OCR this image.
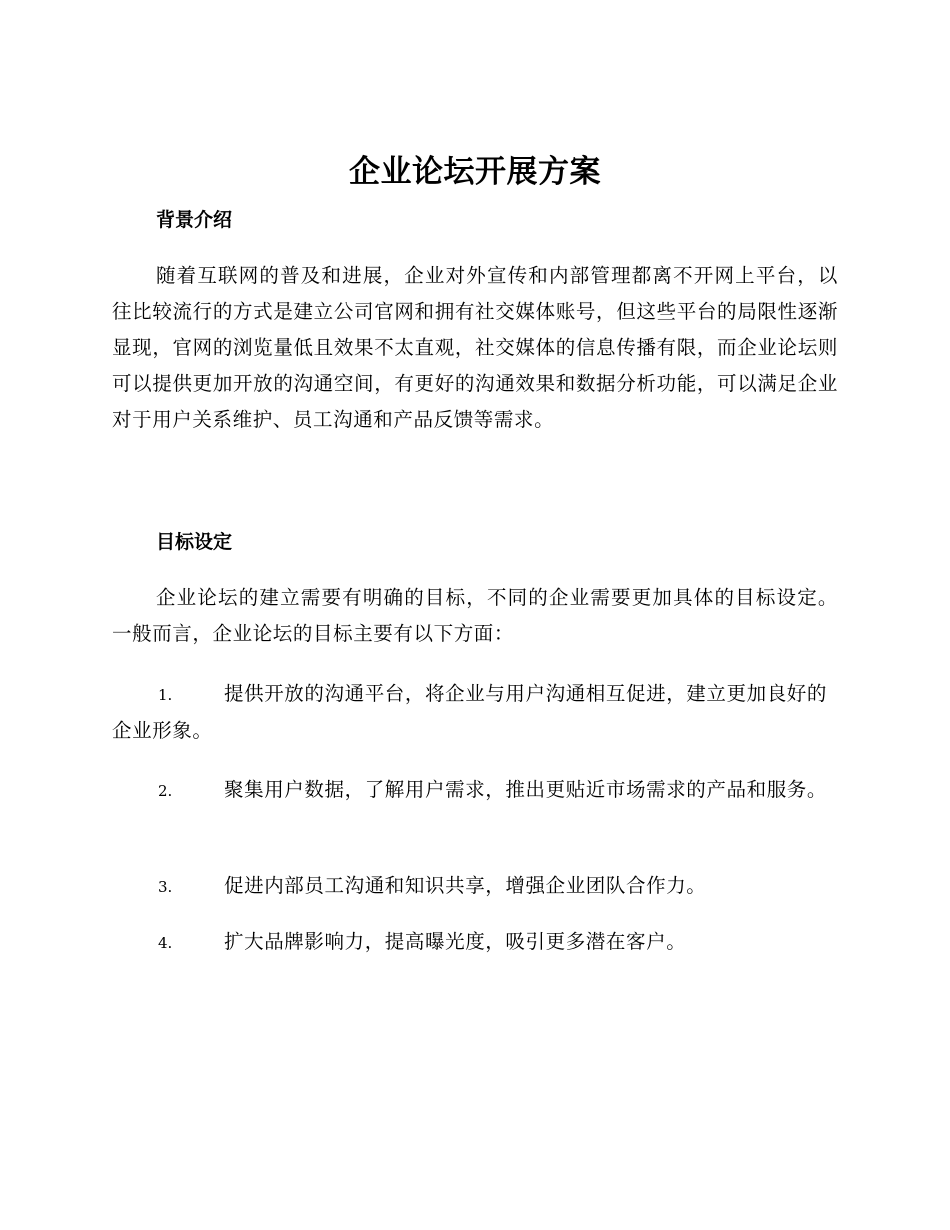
企业论坛开展方案
背景介绍

随着互联网的普及和进展，企业对外宣传和内部管理都离不开网上平台，以往比较流行的方式是建立公司官网和拥有社交媒体账号，但这些平台的局限性逐渐显现，官网的浏览量低且效果不太直观，社交媒体的信息传播有限，而企业论坛则可以提供更加开放的沟通空间，有更好的沟通效果和数据分析功能，可以满足企业对于用户关系维护、员工沟通和产品反馈等需求。

目标设定

企业论坛的建立需要有明确的目标，不同的企业需要更加具体的目标设定。一般而言，企业论坛的目标主要有以下方面：

1.	提供开放的沟通平台，将企业与用户沟通相互促进，建立更加良好的企业形象。
2.	聚集用户数据，了解用户需求，推出更贴近市场需求的产品和服务。
3.	促进内部员工沟通和知识共享，增强企业团队合作力。
4.	扩大品牌影响力，提高曝光度，吸引更多潜在客户。
